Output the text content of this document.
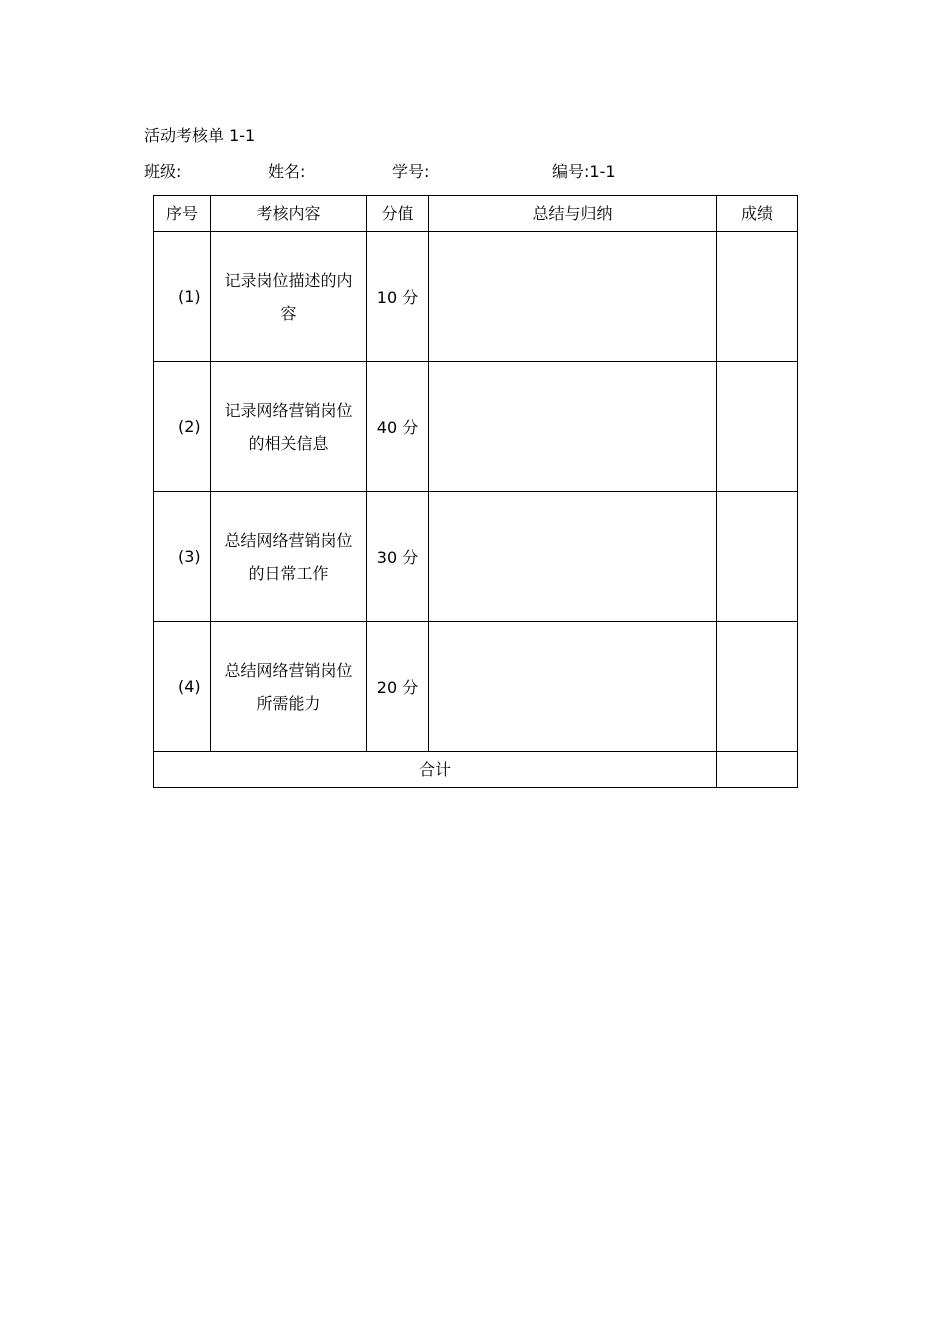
活动考核单 1-1
班级:	姓名:	学号:	编号:1-1
序号	考核内容	分值	总结与归纳	成绩

(1)	记录岗位描述的内容	10 分		

(2)	记录网络营销岗位的相关信息	40 分		

(3)	总结网络营销岗位的日常工作	30 分		

(4)	总结网络营销岗位所需能力	20 分		
合计				
